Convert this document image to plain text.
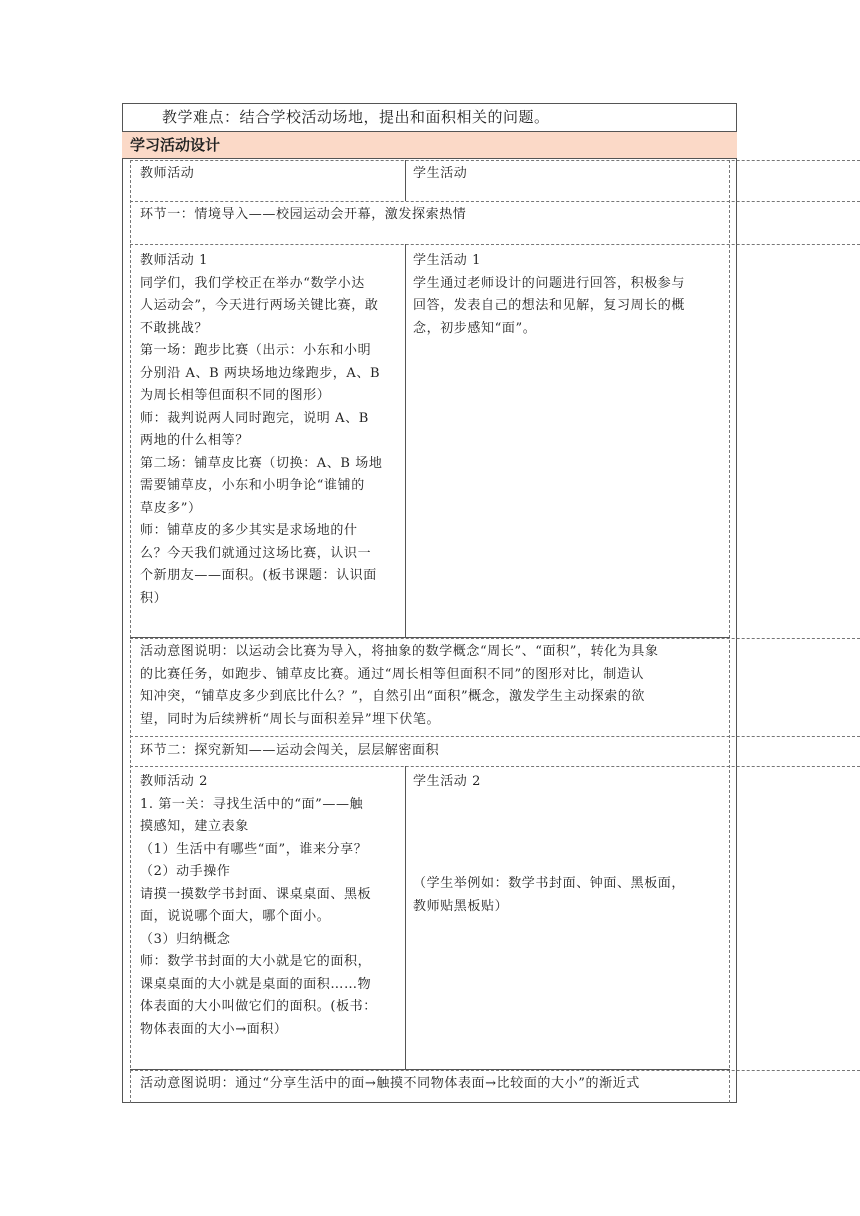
教学难点：结合学校活动场地，提出和面积相关的问题。
学习活动设计
教师活动	学生活动
环节一：情境导入——校园运动会开幕，激发探索热情
教师活动 1
同学们，我们学校正在举办“数学小达
人运动会”，今天进行两场关键比赛，敢
不敢挑战？
第一场：跑步比赛（出示：小东和小明
分别沿 A、B 两块场地边缘跑步，A、B
为周长相等但面积不同的图形）
师：裁判说两人同时跑完，说明 A、B
两地的什么相等？
第二场：铺草皮比赛（切换：A、B 场地
需要铺草皮，小东和小明争论“谁铺的
草皮多”）
师：铺草皮的多少其实是求场地的什
么？今天我们就通过这场比赛，认识一
个新朋友——面积。(板书课题：认识面
积）
学生活动 1
学生通过老师设计的问题进行回答，积极参与
回答，发表自己的想法和见解，复习周长的概
念，初步感知“面”。
活动意图说明：以运动会比赛为导入，将抽象的数学概念“周长”、“面积”，转化为具象
的比赛任务，如跑步、铺草皮比赛。通过“周长相等但面积不同”的图形对比，制造认
知冲突，“铺草皮多少到底比什么？”，自然引出“面积”概念，激发学生主动探索的欲
望，同时为后续辨析“周长与面积差异”埋下伏笔。
环节二：探究新知——运动会闯关，层层解密面积
教师活动 2
1. 第一关：寻找生活中的“面”——触
摸感知，建立表象
（1）生活中有哪些“面”，谁来分享？
（2）动手操作
请摸一摸数学书封面、课桌桌面、黑板
面，说说哪个面大，哪个面小。
（3）归纳概念
师：数学书封面的大小就是它的面积，
课桌桌面的大小就是桌面的面积……物
体表面的大小叫做它们的面积。(板书：
物体表面的大小→面积）
学生活动 2
（学生举例如：数学书封面、钟面、黑板面，
教师贴黑板贴）
活动意图说明：通过“分享生活中的面→触摸不同物体表面→比较面的大小”的渐近式
